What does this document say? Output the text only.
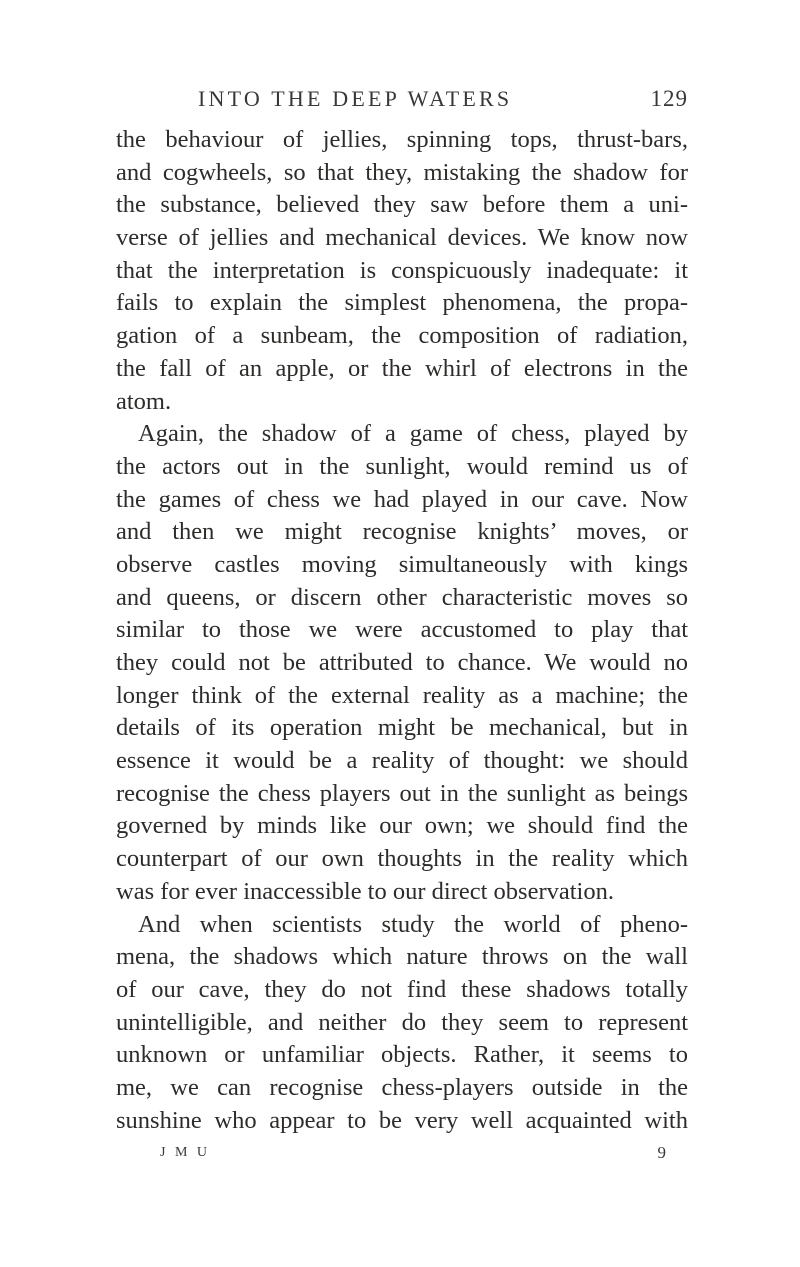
INTO THE DEEP WATERS	129
the behaviour of jellies, spinning tops, thrust-bars,
and cogwheels, so that they, mistaking the shadow for
the substance, believed they saw before them a uni-
verse of jellies and mechanical devices. We know now
that the interpretation is conspicuously inadequate: it
fails to explain the simplest phenomena, the propa-
gation of a sunbeam, the composition of radiation,
the fall of an apple, or the whirl of electrons in the
atom.
Again, the shadow of a game of chess, played by
the actors out in the sunlight, would remind us of
the games of chess we had played in our cave. Now
and then we might recognise knights’ moves, or
observe castles moving simultaneously with kings
and queens, or discern other characteristic moves so
similar to those we were accustomed to play that
they could not be attributed to chance. We would no
longer think of the external reality as a machine; the
details of its operation might be mechanical, but in
essence it would be a reality of thought: we should
recognise the chess players out in the sunlight as beings
governed by minds like our own; we should find the
counterpart of our own thoughts in the reality which
was for ever inaccessible to our direct observation.
And when scientists study the world of pheno-
mena, the shadows which nature throws on the wall
of our cave, they do not find these shadows totally
unintelligible, and neither do they seem to represent
unknown or unfamiliar objects. Rather, it seems to
me, we can recognise chess-players outside in the
sunshine who appear to be very well acquainted with
J M U	9
